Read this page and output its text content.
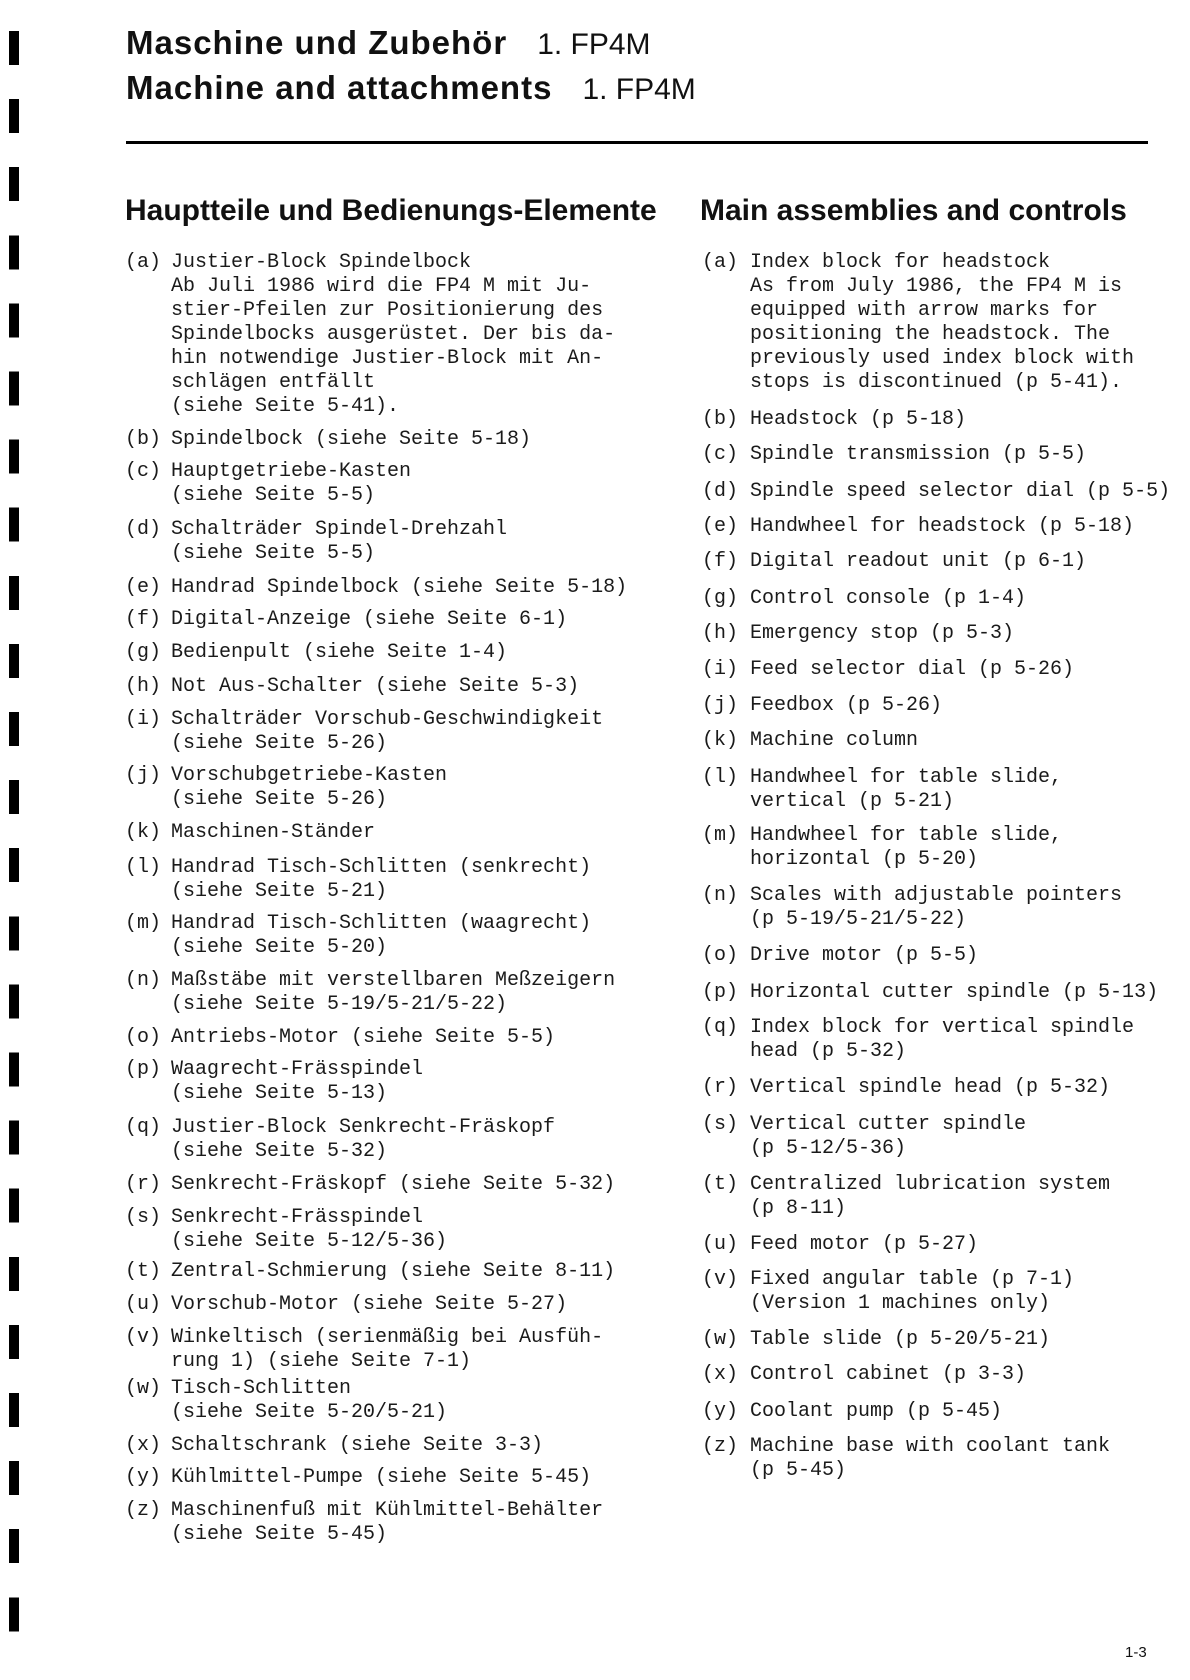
Maschine und Zubehör 1. FP4M
Machine and attachments 1. FP4M
Hauptteile und Bedienungs-Elemente Main assemblies and controls
(a) Justier-Block Spindelbock
Ab Juli 1986 wird die FP4 M mit Ju-
stier-Pfeilen zur Positionierung des
Spindelbocks ausgerüstet. Der bis da-
hin notwendige Justier-Block mit An-
schlägen entfällt
(siehe Seite 5-41).
(b) Spindelbock (siehe Seite 5-18)
(c) Hauptgetriebe-Kasten
(siehe Seite 5-5)
(d) Schalträder Spindel-Drehzahl
(siehe Seite 5-5)
(e) Handrad Spindelbock (siehe Seite 5-18)
(f) Digital-Anzeige (siehe Seite 6-1)
(g) Bedienpult (siehe Seite 1-4)
(h) Not Aus-Schalter (siehe Seite 5-3)
(i) Schalträder Vorschub-Geschwindigkeit
(siehe Seite 5-26)
(j) Vorschubgetriebe-Kasten
(siehe Seite 5-26)
(k) Maschinen-Ständer
(l) Handrad Tisch-Schlitten (senkrecht)
(siehe Seite 5-21)
(m) Handrad Tisch-Schlitten (waagrecht)
(siehe Seite 5-20)
(n) Maßstäbe mit verstellbaren Meßzeigern
(siehe Seite 5-19/5-21/5-22)
(o) Antriebs-Motor (siehe Seite 5-5)
(p) Waagrecht-Frässpindel
(siehe Seite 5-13)
(q) Justier-Block Senkrecht-Fräskopf
(siehe Seite 5-32)
(r) Senkrecht-Fräskopf (siehe Seite 5-32)
(s) Senkrecht-Frässpindel
(siehe Seite 5-12/5-36)
(t) Zentral-Schmierung (siehe Seite 8-11)
(u) Vorschub-Motor (siehe Seite 5-27)
(v) Winkeltisch (serienmäßig bei Ausfüh-
rung 1) (siehe Seite 7-1)
(w) Tisch-Schlitten
(siehe Seite 5-20/5-21)
(x) Schaltschrank (siehe Seite 3-3)
(y) Kühlmittel-Pumpe (siehe Seite 5-45)
(z) Maschinenfuß mit Kühlmittel-Behälter
(siehe Seite 5-45)
(a) Index block for headstock
As from July 1986, the FP4 M is
equipped with arrow marks for
positioning the headstock. The
previously used index block with
stops is discontinued (p 5-41).
(b) Headstock (p 5-18)
(c) Spindle transmission (p 5-5)
(d) Spindle speed selector dial (p 5-5)
(e) Handwheel for headstock (p 5-18)
(f) Digital readout unit (p 6-1)
(g) Control console (p 1-4)
(h) Emergency stop (p 5-3)
(i) Feed selector dial (p 5-26)
(j) Feedbox (p 5-26)
(k) Machine column
(l) Handwheel for table slide,
vertical (p 5-21)
(m) Handwheel for table slide,
horizontal (p 5-20)
(n) Scales with adjustable pointers
(p 5-19/5-21/5-22)
(o) Drive motor (p 5-5)
(p) Horizontal cutter spindle (p 5-13)
(q) Index block for vertical spindle
head (p 5-32)
(r) Vertical spindle head (p 5-32)
(s) Vertical cutter spindle
(p 5-12/5-36)
(t) Centralized lubrication system
(p 8-11)
(u) Feed motor (p 5-27)
(v) Fixed angular table (p 7-1)
(Version 1 machines only)
(w) Table slide (p 5-20/5-21)
(x) Control cabinet (p 3-3)
(y) Coolant pump (p 5-45)
(z) Machine base with coolant tank
(p 5-45)
1-3
